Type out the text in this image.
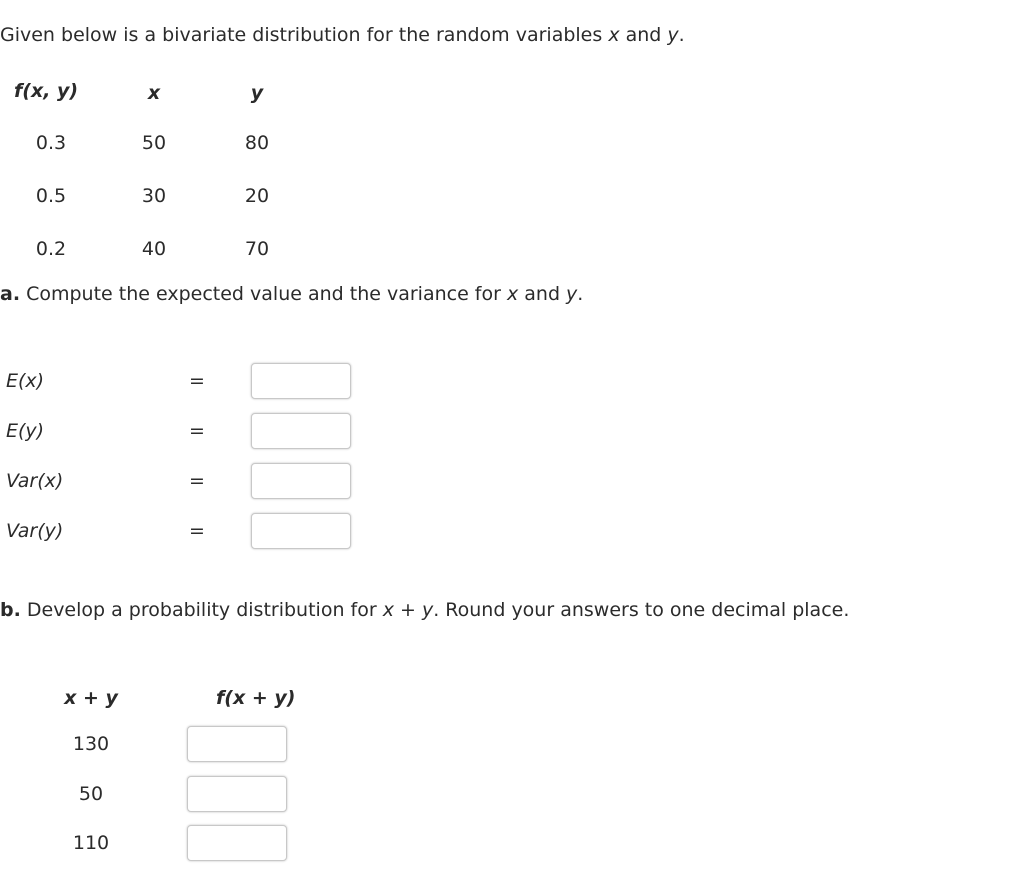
Given below is a bivariate distribution for the random variables x and y.
f(x, y)	x	y
0.3	50	80
0.5	30	20
0.2	40	70
a. Compute the expected value and the variance for x and y.
E(x)	=
E(y)	=
Var(x)	=
Var(y)	=
b. Develop a probability distribution for x + y. Round your answers to one decimal place.
x + y	f(x + y)
130
50
110
